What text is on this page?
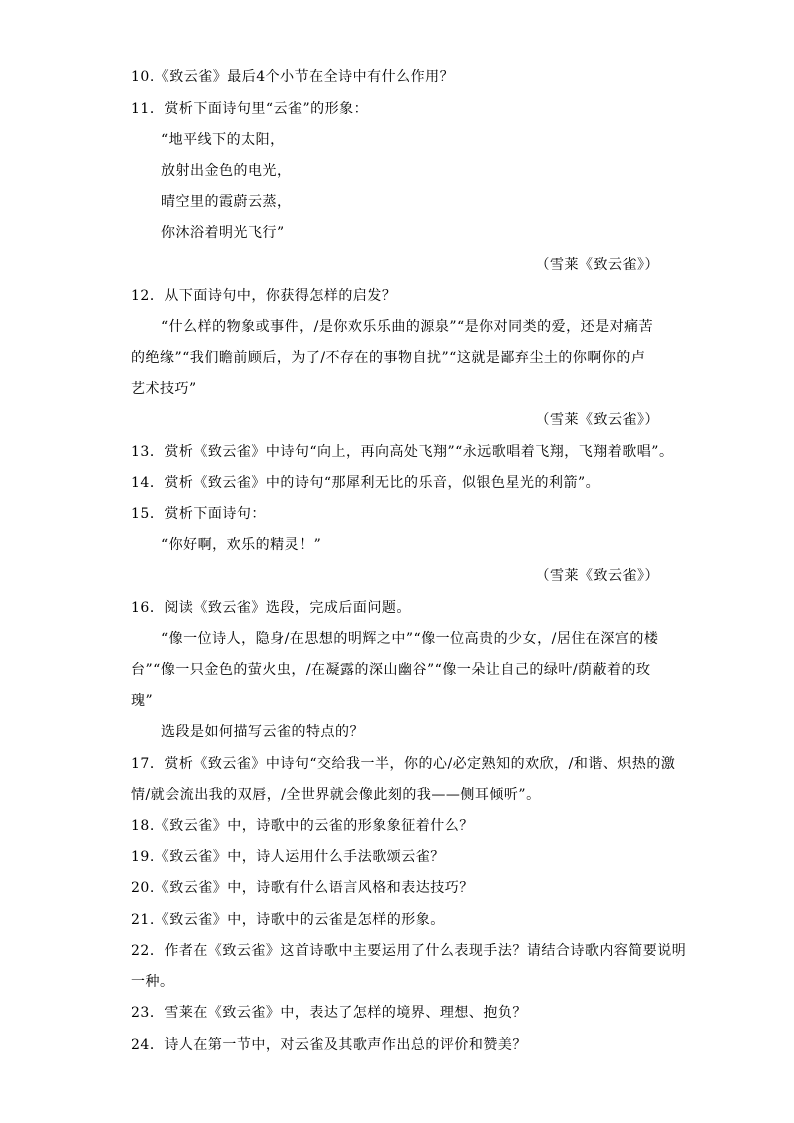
10.《致云雀》最后4个小节在全诗中有什么作用？
11．赏析下面诗句里“云雀”的形象：
“地平线下的太阳，
放射出金色的电光，
晴空里的霞蔚云蒸，
你沐浴着明光飞行”
（雪莱《致云雀》）
12．从下面诗句中，你获得怎样的启发？
“什么样的物象或事件，/是你欢乐乐曲的源泉”“是你对同类的爱，还是对痛苦
的绝缘”“我们瞻前顾后，为了/不存在的事物自扰”“这就是鄙弃尘土的你啊你的卢
艺术技巧”
（雪莱《致云雀》）
13．赏析《致云雀》中诗句“向上，再向高处飞翔”“永远歌唱着飞翔，飞翔着歌唱”。
14．赏析《致云雀》中的诗句“那犀利无比的乐音，似银色星光的利箭”。
15．赏析下面诗句：
“你好啊，欢乐的精灵！”
（雪莱《致云雀》）
16．阅读《致云雀》选段，完成后面问题。
“像一位诗人，隐身/在思想的明辉之中”“像一位高贵的少女，/居住在深宫的楼
台”“像一只金色的萤火虫，/在凝露的深山幽谷”“像一朵让自己的绿叶/荫蔽着的玫
瑰”
选段是如何描写云雀的特点的？
17．赏析《致云雀》中诗句“交给我一半，你的心/必定熟知的欢欣，/和谐、炽热的激
情/就会流出我的双唇，/全世界就会像此刻的我——侧耳倾听”。
18.《致云雀》中，诗歌中的云雀的形象象征着什么？
19.《致云雀》中，诗人运用什么手法歌颂云雀？
20.《致云雀》中，诗歌有什么语言风格和表达技巧？
21.《致云雀》中，诗歌中的云雀是怎样的形象。
22．作者在《致云雀》这首诗歌中主要运用了什么表现手法？请结合诗歌内容简要说明
一种。
23．雪莱在《致云雀》中，表达了怎样的境界、理想、抱负？
24．诗人在第一节中，对云雀及其歌声作出总的评价和赞美？
